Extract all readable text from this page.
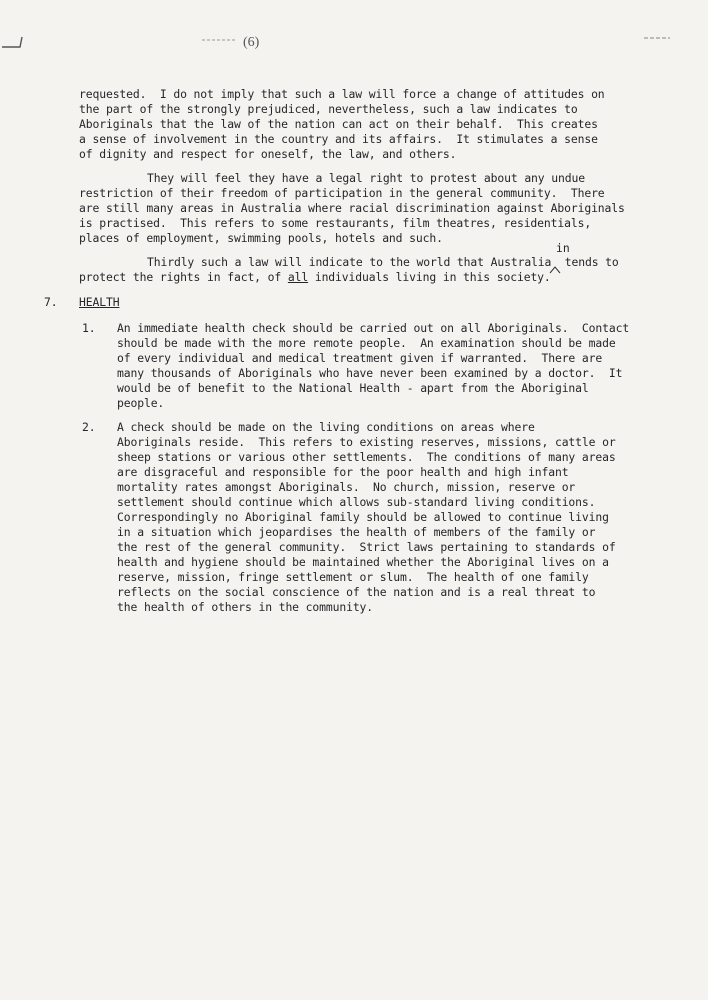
(6)
requested.  I do not imply that such a law will force a change of attitudes on
the part of the strongly prejudiced, nevertheless, such a law indicates to
Aboriginals that the law of the nation can act on their behalf.  This creates
a sense of involvement in the country and its affairs.  It stimulates a sense
of dignity and respect for oneself, the law, and others.
They will feel they have a legal right to protest about any undue
restriction of their freedom of participation in the general community.  There
are still many areas in Australia where racial discrimination against Aboriginals
is practised.  This refers to some restaurants, film theatres, residentials,
places of employment, swimming pools, hotels and such.
in
Thirdly such a law will indicate to the world that Australia  tends to
protect the rights in fact, of all individuals living in this society.
7. HEALTH
1. An immediate health check should be carried out on all Aboriginals.  Contact
should be made with the more remote people.  An examination should be made
of every individual and medical treatment given if warranted.  There are
many thousands of Aboriginals who have never been examined by a doctor.  It
would be of benefit to the National Health - apart from the Aboriginal
people.
2. A check should be made on the living conditions on areas where
Aboriginals reside.  This refers to existing reserves, missions, cattle or
sheep stations or various other settlements.  The conditions of many areas
are disgraceful and responsible for the poor health and high infant
mortality rates amongst Aboriginals.  No church, mission, reserve or
settlement should continue which allows sub-standard living conditions.
Correspondingly no Aboriginal family should be allowed to continue living
in a situation which jeopardises the health of members of the family or
the rest of the general community.  Strict laws pertaining to standards of
health and hygiene should be maintained whether the Aboriginal lives on a
reserve, mission, fringe settlement or slum.  The health of one family
reflects on the social conscience of the nation and is a real threat to
the health of others in the community.
